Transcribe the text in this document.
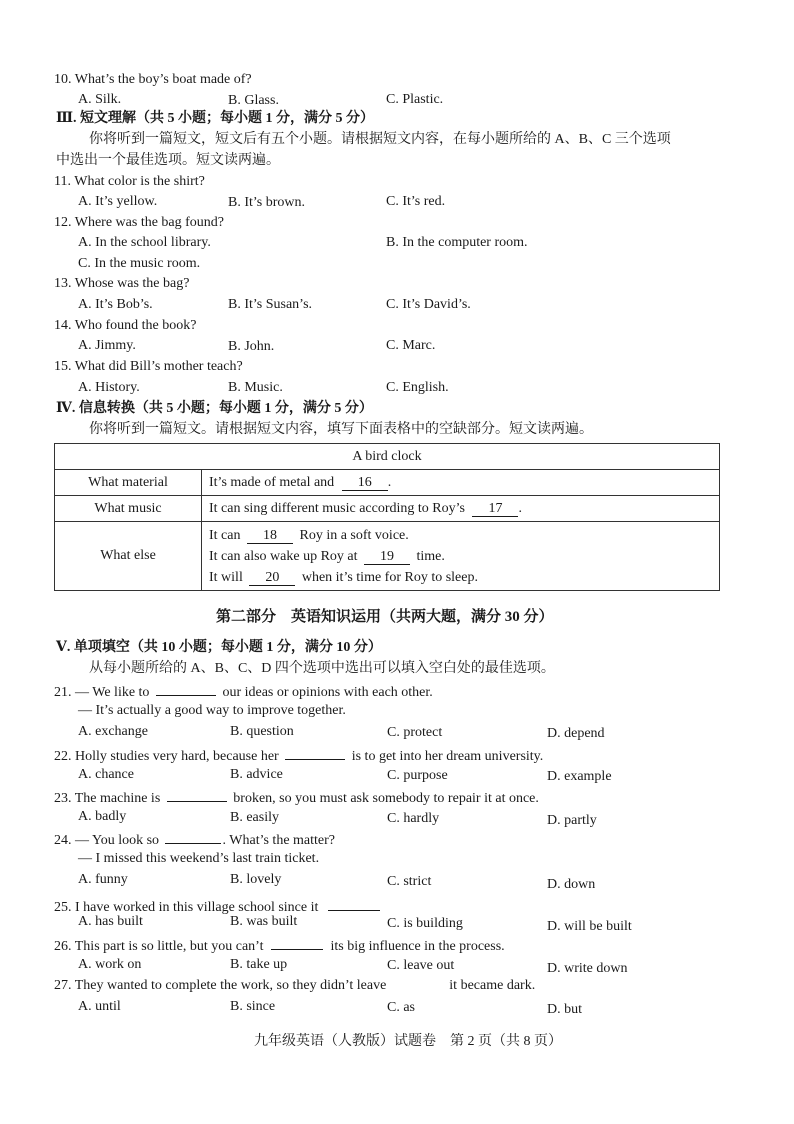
10. What’s the boy’s boat made of?
A. Silk.	B. Glass.	C. Plastic.
Ⅲ. 短文理解（共 5 小题；每小题 1 分，满分 5 分）
你将听到一篇短文，短文后有五个小题。请根据短文内容，在每小题所给的 A、B、C 三个选项
中选出一个最佳选项。短文读两遍。
11. What color is the shirt?
A. It’s yellow.	B. It’s brown.	C. It’s red.
12. Where was the bag found?
A. In the school library.	B. In the computer room.
C. In the music room.
13. Whose was the bag?
A. It’s Bob’s.	B. It’s Susan’s.	C. It’s David’s.
14. Who found the book?
A. Jimmy.	B. John.	C. Marc.
15. What did Bill’s mother teach?
A. History.	B. Music.	C. English.
Ⅳ. 信息转换（共 5 小题；每小题 1 分，满分 5 分）
你将听到一篇短文。请根据短文内容，填写下面表格中的空缺部分。短文读两遍。
A bird clock	
What material	It’s made of metal and 16 .
What music	It can sing different music according to Roy’s 17 .
What else	It can 18 Roy in a soft voice.
It can also wake up Roy at 19 time.
It will 20 when it’s time for Roy to sleep.
第二部分　英语知识运用（共两大题，满分 30 分）
Ⅴ. 单项填空（共 10 小题；每小题 1 分，满分 10 分）
从每小题所给的 A、B、C、D 四个选项中选出可以填入空白处的最佳选项。
21. — We like to	our ideas or opinions with each other.
— It’s actually a good way to improve together.
A. exchange	B. question	C. protect	D. depend
22. Holly studies very hard, because her	is to get into her dream university.
A. chance	B. advice	C. purpose	D. example
23. The machine is	broken, so you must ask somebody to repair it at once.
A. badly	B. easily	C. hardly	D. partly
24. — You look so	. What’s the matter?
— I missed this weekend’s last train ticket.
A. funny	B. lovely	C. strict	D. down
25. I have worked in this village school since it
A. has built	B. was built	C. is building	D. will be built
26. This part is so little, but you can’t	its big influence in the process.
A. work on	B. take up	C. leave out	D. write down
27. They wanted to complete the work, so they didn’t leave	it became dark.
A. until	B. since	C. as	D. but
九年级英语（人教版）试题卷　第 2 页（共 8 页）
